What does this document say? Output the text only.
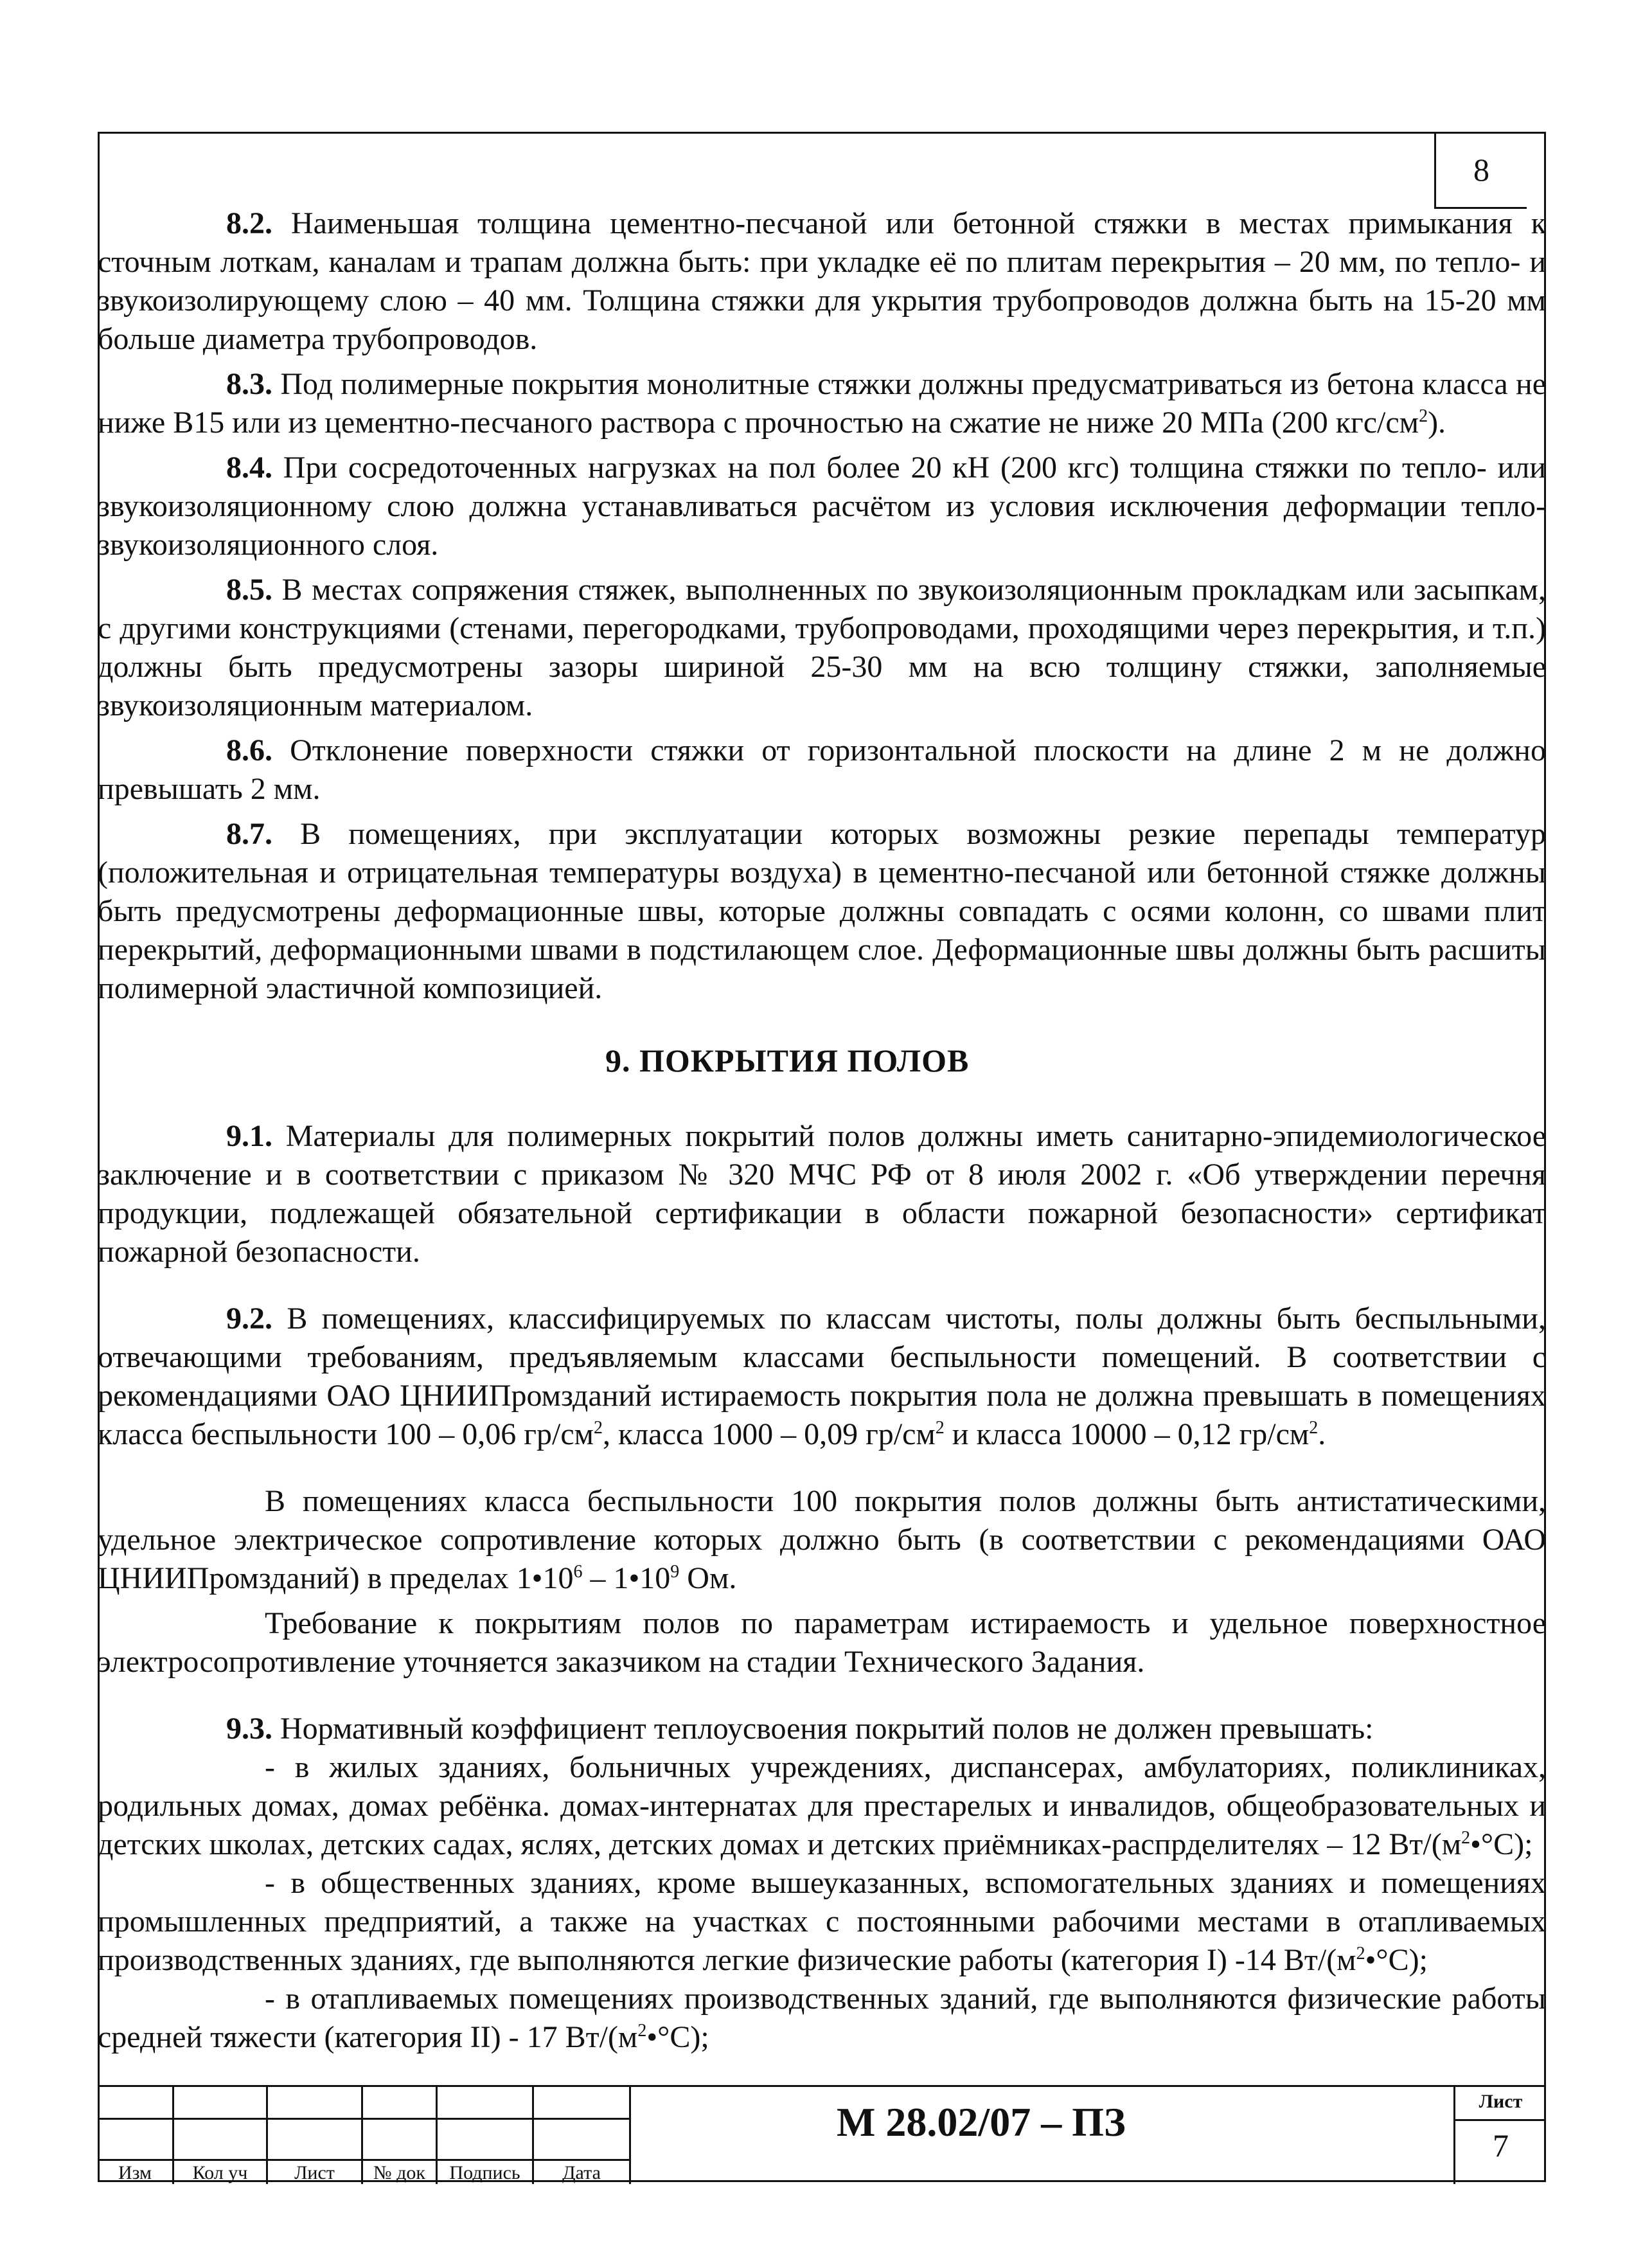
8

8.2. Наименьшая толщина цементно-песчаной или бетонной стяжки в местах примыкания к сточным лоткам, каналам и трапам должна быть: при укладке её по плитам перекрытия – 20 мм, по тепло- и звукоизолирующему слою – 40 мм. Толщина стяжки для укрытия трубопроводов должна быть на 15-20 мм больше диаметра трубопроводов.

8.3. Под полимерные покрытия монолитные стяжки должны предусматриваться из бетона класса не ниже В15 или из цементно-песчаного раствора с прочностью на сжатие не ниже 20 МПа (200 кгс/$см^2$).

8.4. При сосредоточенных нагрузках на пол более 20 кН (200 кгс) толщина стяжки по тепло- или звукоизоляционному слою должна устанавливаться расчётом из условия исключения деформации тепло-звукоизоляционного слоя.

8.5. В местах сопряжения стяжек, выполненных по звукоизоляционным прокладкам или засыпкам, с другими конструкциями (стенами, перегородками, трубопроводами, проходящими через перекрытия, и т.п.) должны быть предусмотрены зазоры шириной 25-30 мм на всю толщину стяжки, заполняемые звукоизоляционным материалом.

8.6. Отклонение поверхности стяжки от горизонтальной плоскости на длине 2 м не должно превышать 2 мм.

8.7. В помещениях, при эксплуатации которых возможны резкие перепады температур (положительная и отрицательная температуры воздуха) в цементно-песчаной или бетонной стяжке должны быть предусмотрены деформационные швы, которые должны совпадать с осями колонн, со швами плит перекрытий, деформационными швами в подстилающем слое. Деформационные швы должны быть расшиты полимерной эластичной композицией.

9. ПОКРЫТИЯ ПОЛОВ

9.1. Материалы для полимерных покрытий полов должны иметь санитарно-эпидемиологическое заключение и в соответствии с приказом № 320 МЧС РФ от 8 июля 2002 г. «Об утверждении перечня продукции, подлежащей обязательной сертификации в области пожарной безопасности» сертификат пожарной безопасности.

9.2. В помещениях, классифицируемых по классам чистоты, полы должны быть беспыльными, отвечающими требованиям, предъявляемым классами беспыльности помещений. В соответствии с рекомендациями ОАО ЦНИИПромзданий истираемость покрытия пола не должна превышать в помещениях класса беспыльности 100 – 0,06 $гр/см^2$, класса 1000 – 0,09 $гр/см^2$ и класса 10000 – 0,12 $гр/см^2$.

В помещениях класса беспыльности 100 покрытия полов должны быть антистатическими, удельное электрическое сопротивление которых должно быть (в соответствии с рекомендациями ОАО ЦНИИПромзданий) в пределах $1•10^6$ – $1•10^9$ Ом.

Требование к покрытиям полов по параметрам истираемость и удельное поверхностное электросопротивление уточняется заказчиком на стадии Технического Задания.

9.3. Нормативный коэффициент теплоусвоения покрытий полов не должен превышать:

- в жилых зданиях, больничных учреждениях, диспансерах, амбулаториях, поликлиниках, родильных домах, домах ребёнка. домах-интернатах для престарелых и инвалидов, общеобразовательных и детских школах, детских садах, яслях, детских домах и детских приёмниках-распрделителях – 12 $Вт/(м^2•^\circ С)$;

- в общественных зданиях, кроме вышеуказанных, вспомогательных зданиях и помещениях промышленных предприятий, а также на участках с постоянными рабочими местами в отапливаемых производственных зданиях, где выполняются легкие физические работы (категория I) -14 $Вт/(м^2•^\circ С)$;

- в отапливаемых помещениях производственных зданий, где выполняются физические работы средней тяжести (категория II) - 17 $Вт/(м^2•^\circ С)$;

Изм	Кол уч	Лист	№ док	Подпись	Дата
М 28.02/07 – ПЗ	Лист
7
